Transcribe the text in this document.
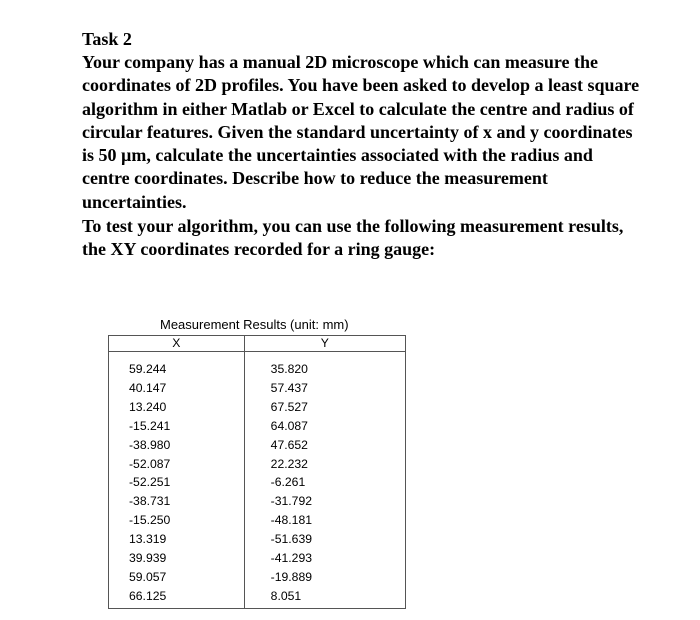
Task 2

Your company has a manual 2D microscope which can measure the coordinates of 2D profiles. You have been asked to develop a least square algorithm in either Matlab or Excel to calculate the centre and radius of circular features. Given the standard uncertainty of x and y coordinates is 50 µm, calculate the uncertainties associated with the radius and centre coordinates. Describe how to reduce the measurement uncertainties.

To test your algorithm, you can use the following measurement results, the XY coordinates recorded for a ring gauge:

Measurement Results (unit: mm)
X	Y
59.244	35.820
40.147	57.437
13.240	67.527
-15.241	64.087
-38.980	47.652
-52.087	22.232
-52.251	-6.261
-38.731	-31.792
-15.250	-48.181
13.319	-51.639
39.939	-41.293
59.057	-19.889
66.125	8.051
